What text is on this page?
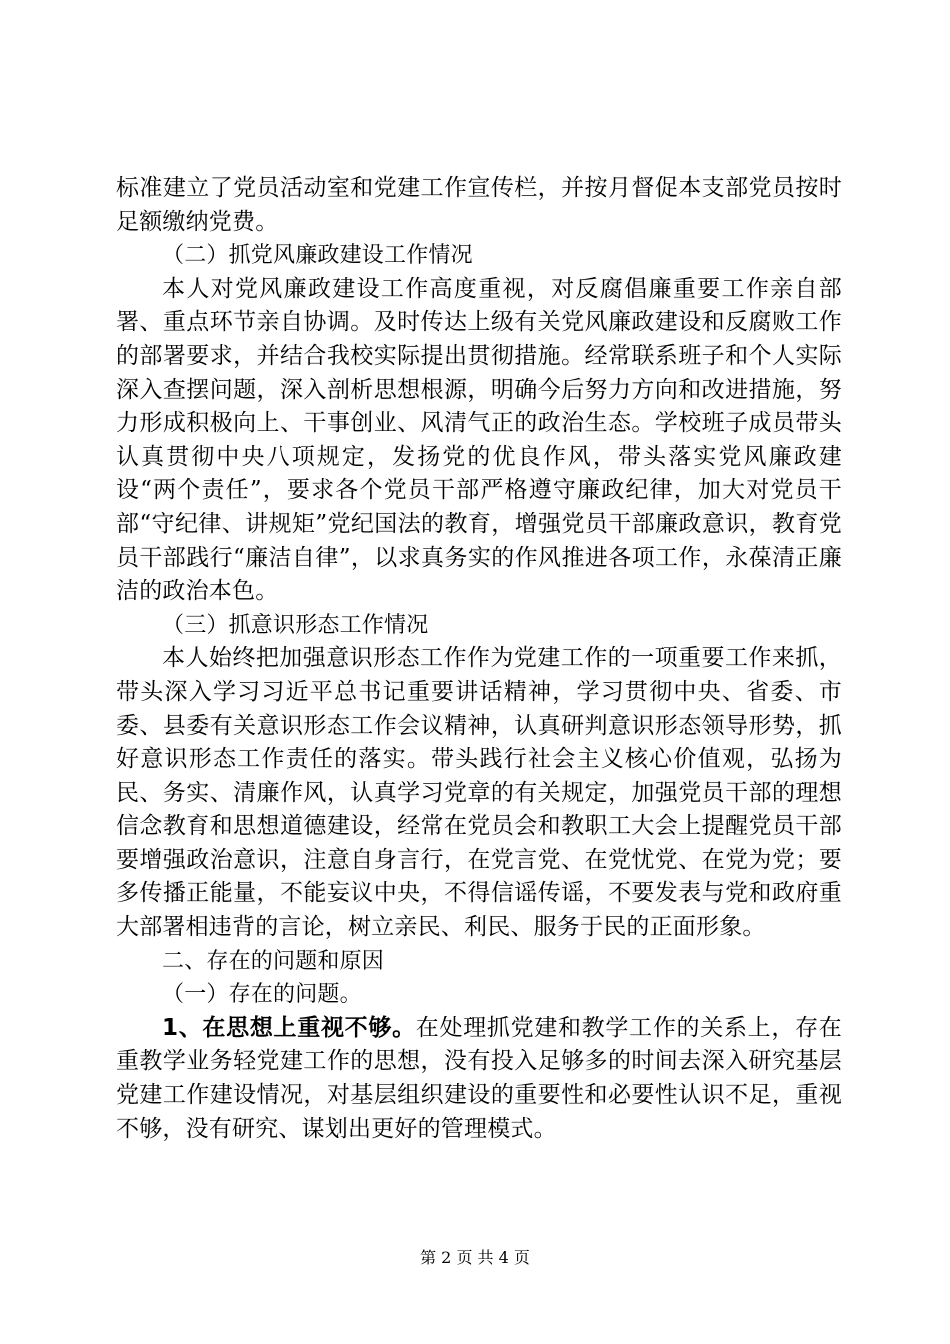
标准建立了党员活动室和党建工作宣传栏，并按月督促本支部党员按时足额缴纳党费。

（二）抓党风廉政建设工作情况

本人对党风廉政建设工作高度重视，对反腐倡廉重要工作亲自部署、重点环节亲自协调。及时传达上级有关党风廉政建设和反腐败工作的部署要求，并结合我校实际提出贯彻措施。经常联系班子和个人实际深入查摆问题，深入剖析思想根源，明确今后努力方向和改进措施，努力形成积极向上、干事创业、风清气正的政治生态。学校班子成员带头认真贯彻中央八项规定，发扬党的优良作风，带头落实党风廉政建设“两个责任”，要求各个党员干部严格遵守廉政纪律，加大对党员干部“守纪律、讲规矩”党纪国法的教育，增强党员干部廉政意识，教育党员干部践行“廉洁自律”，以求真务实的作风推进各项工作，永葆清正廉洁的政治本色。

（三）抓意识形态工作情况

本人始终把加强意识形态工作作为党建工作的一项重要工作来抓，带头深入学习习近平总书记重要讲话精神，学习贯彻中央、省委、市委、县委有关意识形态工作会议精神，认真研判意识形态领导形势，抓好意识形态工作责任的落实。带头践行社会主义核心价值观，弘扬为民、务实、清廉作风，认真学习党章的有关规定，加强党员干部的理想信念教育和思想道德建设，经常在党员会和教职工大会上提醒党员干部要增强政治意识，注意自身言行，在党言党、在党忧党、在党为党；要多传播正能量，不能妄议中央，不得信谣传谣，不要发表与党和政府重大部署相违背的言论，树立亲民、利民、服务于民的正面形象。

二、存在的问题和原因

（一）存在的问题。

1、在思想上重视不够。在处理抓党建和教学工作的关系上，存在重教学业务轻党建工作的思想，没有投入足够多的时间去深入研究基层党建工作建设情况，对基层组织建设的重要性和必要性认识不足，重视不够，没有研究、谋划出更好的管理模式。

第 2 页 共 4 页
